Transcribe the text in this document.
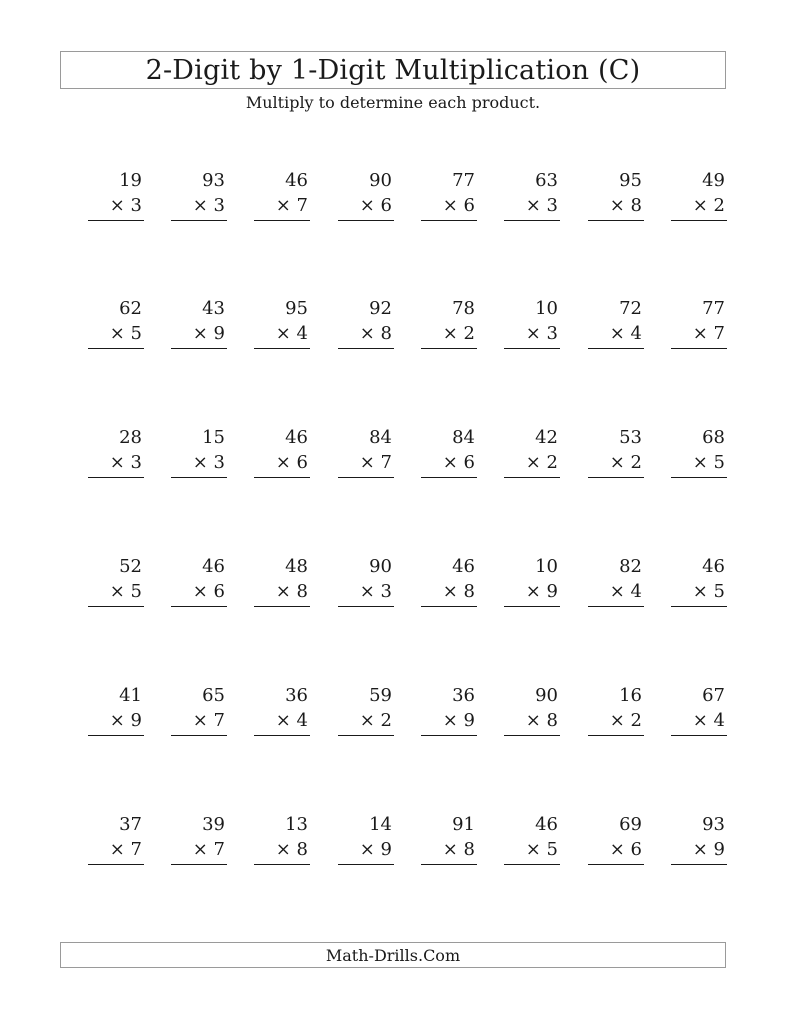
2-Digit by 1-Digit Multiplication (C)
Multiply to determine each product.
19
× 3
93
× 3
46
× 7
90
× 6
77
× 6
63
× 3
95
× 8
49
× 2
62
× 5
43
× 9
95
× 4
92
× 8
78
× 2
10
× 3
72
× 4
77
× 7
28
× 3
15
× 3
46
× 6
84
× 7
84
× 6
42
× 2
53
× 2
68
× 5
52
× 5
46
× 6
48
× 8
90
× 3
46
× 8
10
× 9
82
× 4
46
× 5
41
× 9
65
× 7
36
× 4
59
× 2
36
× 9
90
× 8
16
× 2
67
× 4
37
× 7
39
× 7
13
× 8
14
× 9
91
× 8
46
× 5
69
× 6
93
× 9
Math-Drills.Com
